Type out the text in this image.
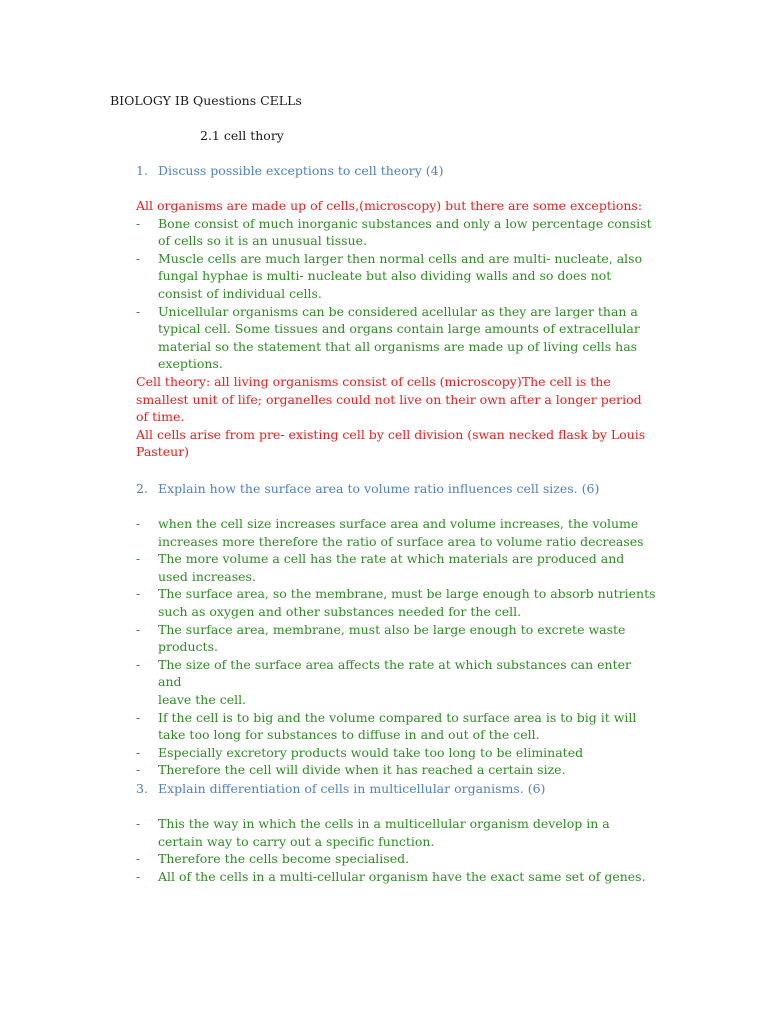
BIOLOGY IB Questions CELLs
2.1 cell thory
1. Discuss possible exceptions to cell theory (4)
All organisms are made up of cells,(microscopy) but there are some exceptions:
- Bone consist of much inorganic substances and only a low percentage consist
of cells so it is an unusual tissue.
- Muscle cells are much larger then normal cells and are multi- nucleate, also
fungal hyphae is multi- nucleate but also dividing walls and so does not
consist of individual cells.
- Unicellular organisms can be considered acellular as they are larger than a
typical cell. Some tissues and organs contain large amounts of extracellular
material so the statement that all organisms are made up of living cells has
exeptions.
Cell theory: all living organisms consist of cells (microscopy)The cell is the
smallest unit of life; organelles could not live on their own after a longer period
of time.
All cells arise from pre- existing cell by cell division (swan necked flask by Louis
Pasteur)
2. Explain how the surface area to volume ratio influences cell sizes. (6)
- when the cell size increases surface area and volume increases, the volume
increases more therefore the ratio of surface area to volume ratio decreases
- The more volume a cell has the rate at which materials are produced and
used increases.
- The surface area, so the membrane, must be large enough to absorb nutrients
such as oxygen and other substances needed for the cell.
- The surface area, membrane, must also be large enough to excrete waste
products.
- The size of the surface area affects the rate at which substances can enter and
leave the cell.
- If the cell is to big and the volume compared to surface area is to big it will
take too long for substances to diffuse in and out of the cell.
- Especially excretory products would take too long to be eliminated
- Therefore the cell will divide when it has reached a certain size.
3. Explain differentiation of cells in multicellular organisms. (6)
- This the way in which the cells in a multicellular organism develop in a
certain way to carry out a specific function.
- Therefore the cells become specialised.
- All of the cells in a multi-cellular organism have the exact same set of genes.
